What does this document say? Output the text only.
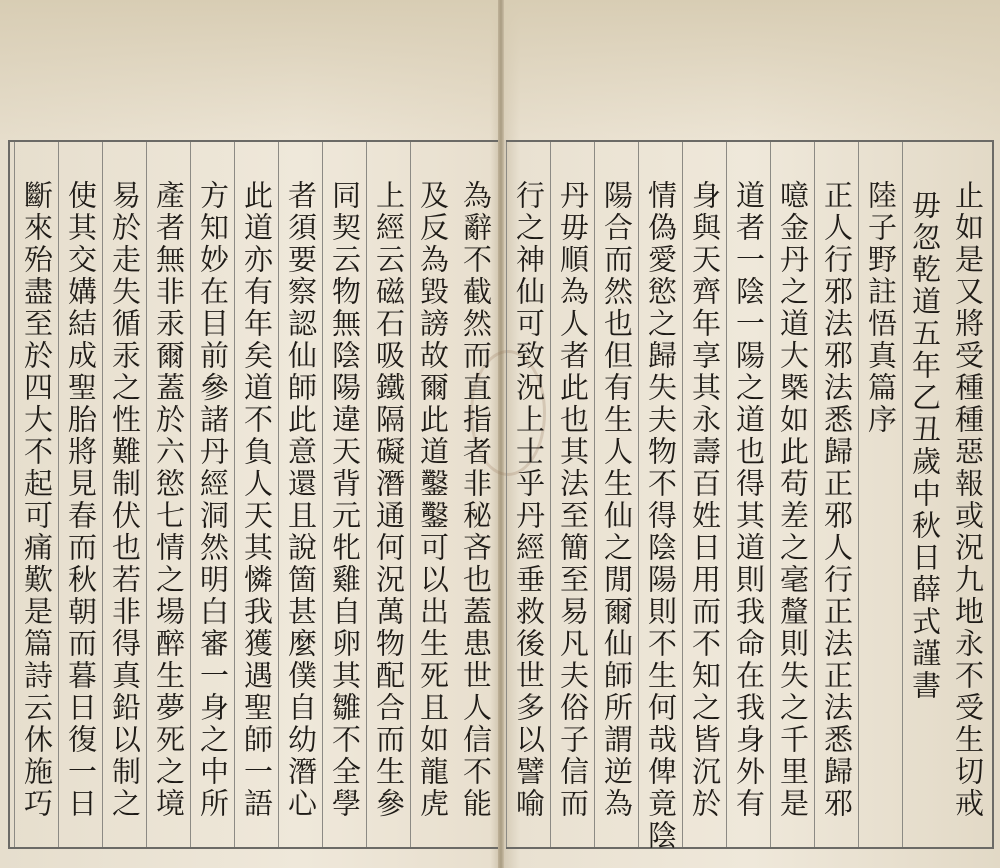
為辭不截然而直指者非秘吝也蓋患世人信不能
及反為毀謗故爾此道鑿鑿可以出生死且如龍虎
上經云磁石吸鐵隔礙潛通何況萬物配合而生參
同契云物無陰陽違天背元牝雞自卵其雛不全學
者須要察認仙師此意還且說箇甚麼僕自幼潛心
此道亦有年矣道不負人天其憐我獲遇聖師一語
方知妙在目前參諸丹經洞然明白審一身之中所
產者無非汞爾蓋於六慾七情之場醉生夢死之境
易於走失循汞之性難制伏也若非得真鉛以制之
使其交媾結成聖胎將見春而秋朝而暮日復一日
斷來殆盡至於四大不起可痛歎是篇詩云休施巧	止如是又將受種種惡報或況九地永不受生切戒
毋忽乾道五年乙丑歲中秋日薛式謹書
陸子野註悟真篇序
正人行邪法邪法悉歸正邪人行正法正法悉歸邪
噫金丹之道大槩如此苟差之毫釐則失之千里是
道者一陰一陽之道也得其道則我命在我身外有
身與天齊年享其永壽百姓日用而不知之皆沉於
情偽愛慾之歸失夫物不得陰陽則不生何哉俾竟陰
陽合而然也但有生人生仙之閒爾仙師所謂逆為
丹毋順為人者此也其法至簡至易凡夫俗子信而
行之神仙可致況上士乎丹經垂救後世多以譬喻
